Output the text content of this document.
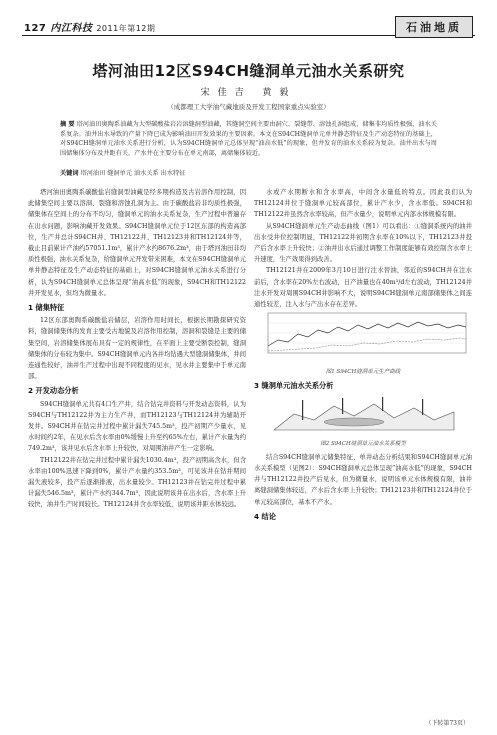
127 内江科技 2011年第12期	石油地质
塔河油田12区S94CH缝洞单元油水关系研究
宋佳吉 黄毅
（成都理工大学油气藏地质及开发工程国家重点实验室）
摘 要 塔河油田奥陶系油藏为大型碳酸盐岩岩溶缝洞型油藏，其缝洞空间主要由洞穴、裂缝带、溶蚀孔洞组成，储集非均质性极强，油水关系复杂。油井出水导致的产量下降已成为影响油田开发效果的主要因素。本文在S94CH缝洞单元单井静态特征及生产动态特征的基础上，对S94CH缝洞单元油水关系进行分析，认为S94CH缝洞单元总体呈现“油高水低”的现象，但井发育的油水关系较为复杂。油井出水与周围储集体分布及井距有关，产水井在主要分布在单元南部，离储集体较近。
关键词 塔河油田 缝洞单元 油水关系 出水特征

塔河油田奥陶系碳酸盐岩缝洞型油藏是经多期构造及古岩溶作用控制，因此储集空间主要以溶洞、裂缝和溶蚀孔洞为主。由于碳酸盐岩非均质性极强，储集体在空间上的分布不均匀，缝洞单元的油水关系复杂，生产过程中普遍存在出水问题，影响油藏开发效果。S94CH缝洞单元位于12区东部的构造高部位，生产井总计S94CH井、TH12122井、TH12123井和TH12124井等，截止目前累计产油约57051.1m³，累计产水约8676.2m³，由于塔河油田非均质性极强，油水关系复杂，给缝洞单元开发带来困难，本文在S94CH缝洞单元单井静态特征及生产动态特征的基础上，对S94CH缝洞单元油水关系进行分析，认为S94CH缝洞单元总体呈现“油高水低”的现象，S94CH和TH12122井开发见水，但均为微量水。

1 储集特征

12区东部奥陶系碳酸盐岩储层，岩溶作用时间长，根据长期勘探研究资料，缝洞储集体的发育主要受古地貌及岩溶作用控制，溶洞和裂缝是主要的储集空间，岩溶储集体展布具有一定的规律性，在平面上主要受断裂控制，缝洞储集体的分布较为集中。S94CH缝洞单元内各井均钻遇大型缝洞储集体，井间连通性较好，油井生产过程中出现不同程度的见水，见水井主要集中于单元南部。

2 开发动态分析

S94CH缝洞单元共有4口生产井，结合钻完井资料与开发动态资料，认为S94CH与TH12122井为主力生产井，而TH12123与TH12124井为辅助开发井。S94CH井在钻完井过程中累计漏失745.5m³，投产初期产少量水，见水时间约2年，在见水后含水率由0%缓慢上升至约65%左右，累计产水量为约749.2m³，该井见水后含水率上升较快，对周围油井产生一定影响。

TH12122井在钻完井过程中累计漏失1030.4m³，投产初期高含水，但含水率由100%迅速下降到0%，累计产水量约353.5m³，可见该井在钻井期间漏失液较多，投产后逐渐排液，出水量较少。TH12123井在钻完井过程中累计漏失546.5m³，累计产水约344.7m³，因此说明该井在出水后，含水率上升较快，油井生产时间较长。TH12124井含水率较低，说明该井距水体较远。

水或产水期断水和含水率高，中间含水量低的特点。因此我们认为TH12124井位于缝洞单元较高部位，累计产水少，含水率低。S94CH和TH12122井虽然含水率较高，但产水量少，说明单元内部水体规模有限。

从S94CH缝洞单元生产动态曲线（图1）可以看出：①缝洞系统内的油井出水受井位控制明显，TH12122井初期含水率在10%以下，TH12123井投产后含水率上升较快；②油井出水后通过调整工作制度能够有效控制含水率上升速度，生产效果得到改善。

TH12121井在2009年3月10日进行注水替油，邻近的S94CH井在注水前后，含水率在20%左右波动，日产油量也在40m³/d左右波动，TH12124井注水开发对周围S94CH井影响不大，说明S94CH缝洞单元南部储集体之间连通性较差，注入水与产出水存在差异。

图1 S94CH缝洞单元生产曲线
3 缝洞单元油水关系分析
图2 S94CH缝洞单元油水关系模型

结合S94CH缝洞单元储集特征、单井动态分析结果和S94CH缝洞单元油水关系模型（见图2）：S94CH缝洞单元总体呈现“油高水低”的现象，S94CH井与TH12122井投产后见水，但为微量水，说明该单元水体规模有限，油井离缝洞储集体较近，产水后含水率上升较快；TH12123井和TH12124井位于单元较高部位，基本不产水。

4 结论
（下转第73页）
